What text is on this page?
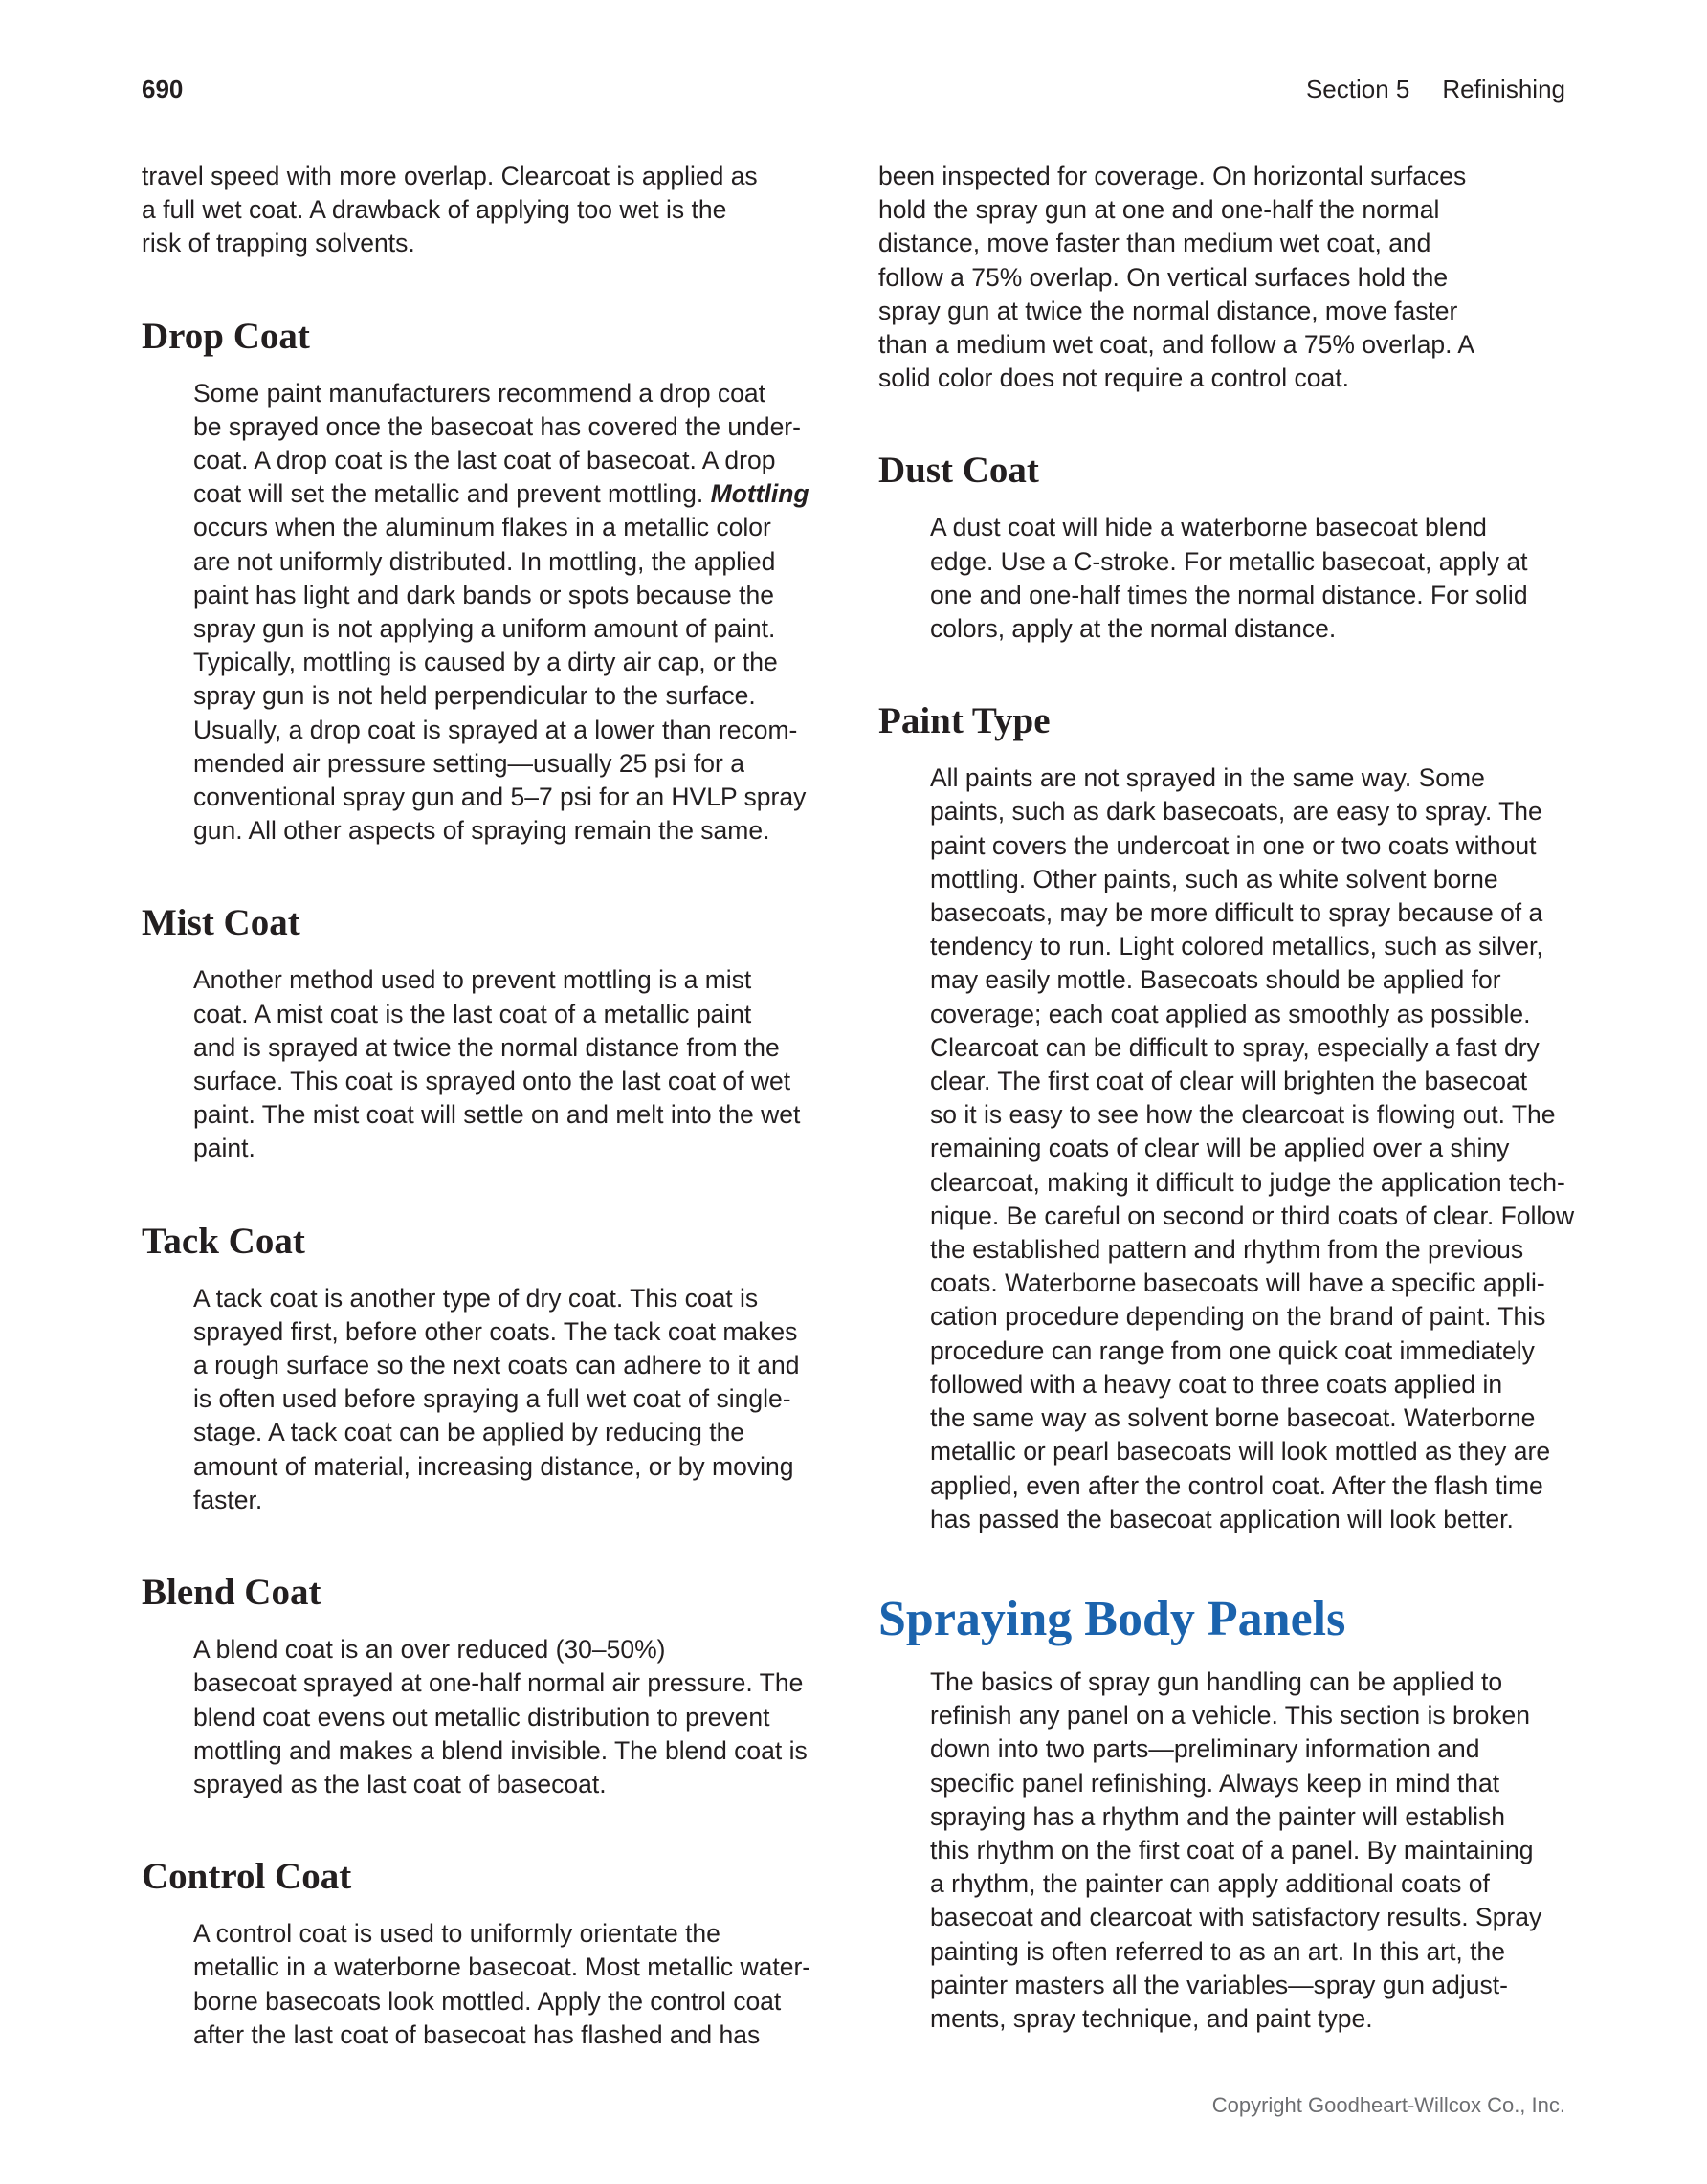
690	Section 5 Refinishing

travel speed with more overlap. Clearcoat is applied as
a full wet coat. A drawback of applying too wet is the
risk of trapping solvents.

Drop Coat

Some paint manufacturers recommend a drop coat
be sprayed once the basecoat has covered the under-
coat. A drop coat is the last coat of basecoat. A drop
coat will set the metallic and prevent mottling. Mottling
occurs when the aluminum flakes in a metallic color
are not uniformly distributed. In mottling, the applied
paint has light and dark bands or spots because the
spray gun is not applying a uniform amount of paint.
Typically, mottling is caused by a dirty air cap, or the
spray gun is not held perpendicular to the surface.
Usually, a drop coat is sprayed at a lower than recom-
mended air pressure setting—usually 25 psi for a
conventional spray gun and 5–7 psi for an HVLP spray
gun. All other aspects of spraying remain the same.

Mist Coat

Another method used to prevent mottling is a mist
coat. A mist coat is the last coat of a metallic paint
and is sprayed at twice the normal distance from the
surface. This coat is sprayed onto the last coat of wet
paint. The mist coat will settle on and melt into the wet
paint.

Tack Coat

A tack coat is another type of dry coat. This coat is
sprayed first, before other coats. The tack coat makes
a rough surface so the next coats can adhere to it and
is often used before spraying a full wet coat of single-
stage. A tack coat can be applied by reducing the
amount of material, increasing distance, or by moving
faster.

Blend Coat

A blend coat is an over reduced (30–50%)
basecoat sprayed at one-half normal air pressure. The
blend coat evens out metallic distribution to prevent
mottling and makes a blend invisible. The blend coat is
sprayed as the last coat of basecoat.

Control Coat

A control coat is used to uniformly orientate the
metallic in a waterborne basecoat. Most metallic water-
borne basecoats look mottled. Apply the control coat
after the last coat of basecoat has flashed and has

been inspected for coverage. On horizontal surfaces
hold the spray gun at one and one-half the normal
distance, move faster than medium wet coat, and
follow a 75% overlap. On vertical surfaces hold the
spray gun at twice the normal distance, move faster
than a medium wet coat, and follow a 75% overlap. A
solid color does not require a control coat.

Dust Coat

A dust coat will hide a waterborne basecoat blend
edge. Use a C-stroke. For metallic basecoat, apply at
one and one-half times the normal distance. For solid
colors, apply at the normal distance.

Paint Type

All paints are not sprayed in the same way. Some
paints, such as dark basecoats, are easy to spray. The
paint covers the undercoat in one or two coats without
mottling. Other paints, such as white solvent borne
basecoats, may be more difficult to spray because of a
tendency to run. Light colored metallics, such as silver,
may easily mottle. Basecoats should be applied for
coverage; each coat applied as smoothly as possible.
Clearcoat can be difficult to spray, especially a fast dry
clear. The first coat of clear will brighten the basecoat
so it is easy to see how the clearcoat is flowing out. The
remaining coats of clear will be applied over a shiny
clearcoat, making it difficult to judge the application tech-
nique. Be careful on second or third coats of clear. Follow
the established pattern and rhythm from the previous
coats. Waterborne basecoats will have a specific appli-
cation procedure depending on the brand of paint. This
procedure can range from one quick coat immediately
followed with a heavy coat to three coats applied in
the same way as solvent borne basecoat. Waterborne
metallic or pearl basecoats will look mottled as they are
applied, even after the control coat. After the flash time
has passed the basecoat application will look better.

Spraying Body Panels

The basics of spray gun handling can be applied to
refinish any panel on a vehicle. This section is broken
down into two parts—preliminary information and
specific panel refinishing. Always keep in mind that
spraying has a rhythm and the painter will establish
this rhythm on the first coat of a panel. By maintaining
a rhythm, the painter can apply additional coats of
basecoat and clearcoat with satisfactory results. Spray
painting is often referred to as an art. In this art, the
painter masters all the variables—spray gun adjust-
ments, spray technique, and paint type.

Copyright Goodheart-Willcox Co., Inc.
